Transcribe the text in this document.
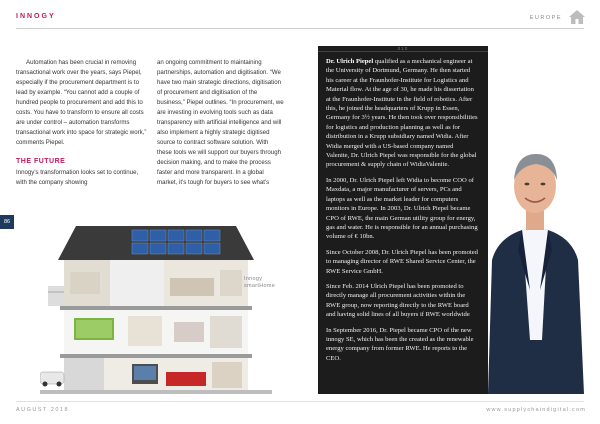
INNOGY	EUROPE

Automation has been crucial in removing transactional work over the years, says Piepel, especially if the procurement department is to lead by example. “You cannot add a couple of hundred people to procurement and add this to costs. You have to transform to ensure all costs are under control – automation transforms transactional work into space for strategic work,” comments Piepel.

THE FUTURE

Innogy’s transformation looks set to continue, with the company showing

an ongoing commitment to maintaining partnerships, automation and digitisation. “We have two main strategic directions, digitisation of procurement and digitisation of the business,” Piepel outlines. “In procurement, we are investing in evolving tools such as data transparency with artificial intelligence and will also implement a highly strategic digitised source to contract software solution. With these tools we will support our buyers through decision making, and to make the process faster and more transparent. In a global market, it’s tough for buyers to see what’s

86
Innogy
smartHome
010

Dr. Ulrich Piepel qualified as a mechanical engineer at the University of Dortmund, Germany. He then started his career at the Fraunhofer-Institute for Logistics and Material flow. At the age of 30, he made his dissertation at the Fraunhofer-Institute in the field of robotics. After this, he joined the headquarters of Krupp in Essen, Germany for 3½ years. He then took over responsibilities for logistics and production planning as well as for distribution in a Krupp subsidiary named Widia. After Widia merged with a US-based company named Valenite, Dr. Ulrich Piepel was responsible for the global procurement & supply chain of WidiaValenite.

In 2000, Dr. Ulrich Piepel left Widia to become COO of Maxdata, a major manufacturer of servers, PCs and laptops as well as the market leader for computers monitors in Europe. In 2003, Dr. Ulrich Piepel became CPO of RWE, the main German utility group for energy, gas and water. He is responsible for an annual purchasing volume of € 10bn.

Since October 2008, Dr. Ulrich Piepel has been promoted to managing director of RWE Shared Service Center, the RWE Service GmbH.

Since Feb. 2014 Ulrich Piepel has been promoted to directly manage all procurement activities within the RWE group, now reporting directly to the RWE board and having solid lines of all buyers if RWE worldwide

In September 2016, Dr. Piepel became CPO of the new innogy SE, which has been the created as the renewable energy company from former RWE. He reports to the CEO.

AUGUST 2018	www.supplychaindigital.com
